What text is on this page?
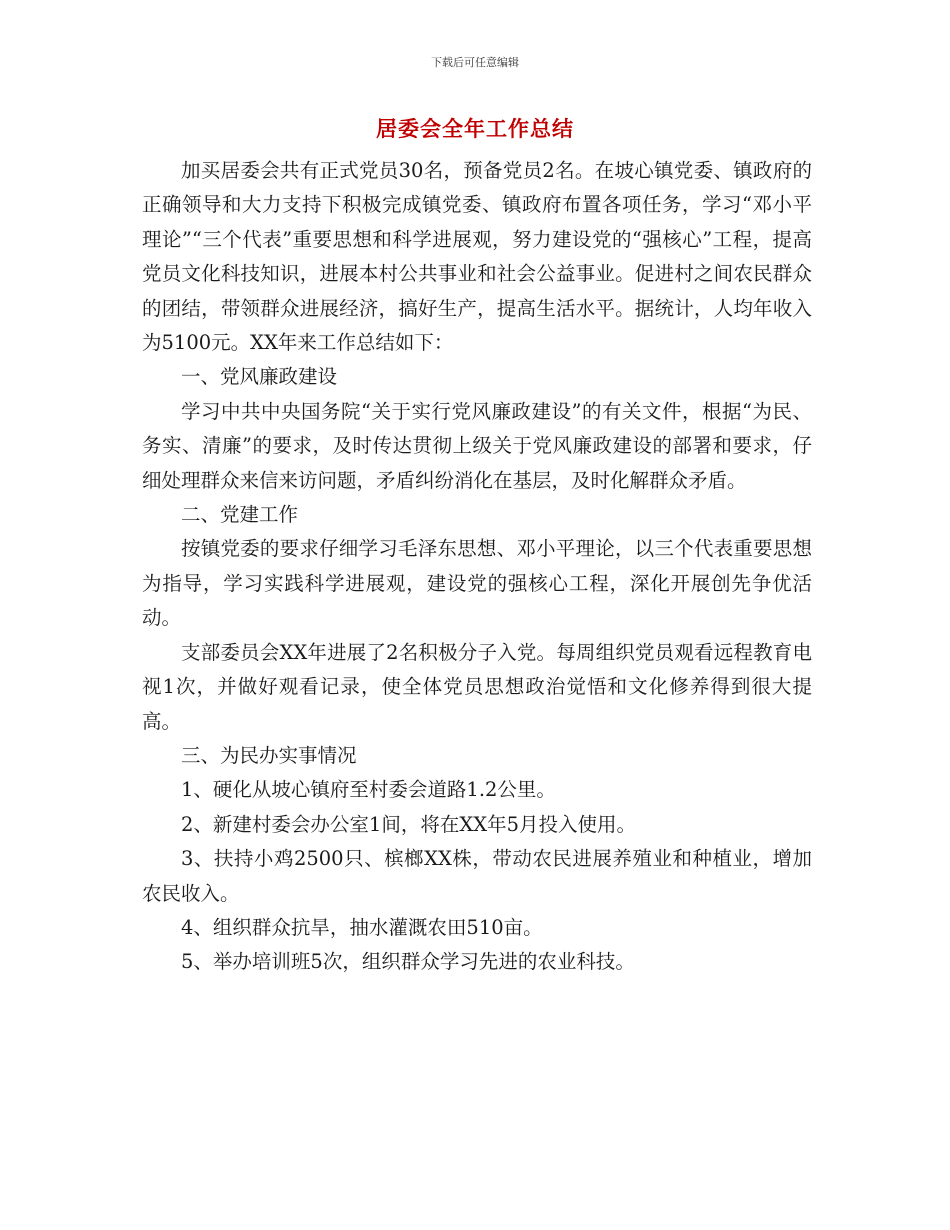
下载后可任意编辑
居委会全年工作总结

加买居委会共有正式党员30名，预备党员2名。在坡心镇党委、镇政府的正确领导和大力支持下积极完成镇党委、镇政府布置各项任务，学习“邓小平理论”“三个代表”重要思想和科学进展观，努力建设党的“强核心”工程，提高党员文化科技知识，进展本村公共事业和社会公益事业。促进村之间农民群众的团结，带领群众进展经济，搞好生产，提高生活水平。据统计，人均年收入为5100元。XX年来工作总结如下：

一、党风廉政建设

学习中共中央国务院“关于实行党风廉政建设”的有关文件，根据“为民、务实、清廉”的要求，及时传达贯彻上级关于党风廉政建设的部署和要求，仔细处理群众来信来访问题，矛盾纠纷消化在基层，及时化解群众矛盾。

二、党建工作

按镇党委的要求仔细学习毛泽东思想、邓小平理论，以三个代表重要思想为指导，学习实践科学进展观，建设党的强核心工程，深化开展创先争优活动。

支部委员会XX年进展了2名积极分子入党。每周组织党员观看远程教育电视1次，并做好观看记录，使全体党员思想政治觉悟和文化修养得到很大提高。

三、为民办实事情况

1、硬化从坡心镇府至村委会道路1.2公里。

2、新建村委会办公室1间，将在XX年5月投入使用。

3、扶持小鸡2500只、槟榔XX株，带动农民进展养殖业和种植业，增加农民收入。

4、组织群众抗旱，抽水灌溉农田510亩。

5、举办培训班5次，组织群众学习先进的农业科技。
